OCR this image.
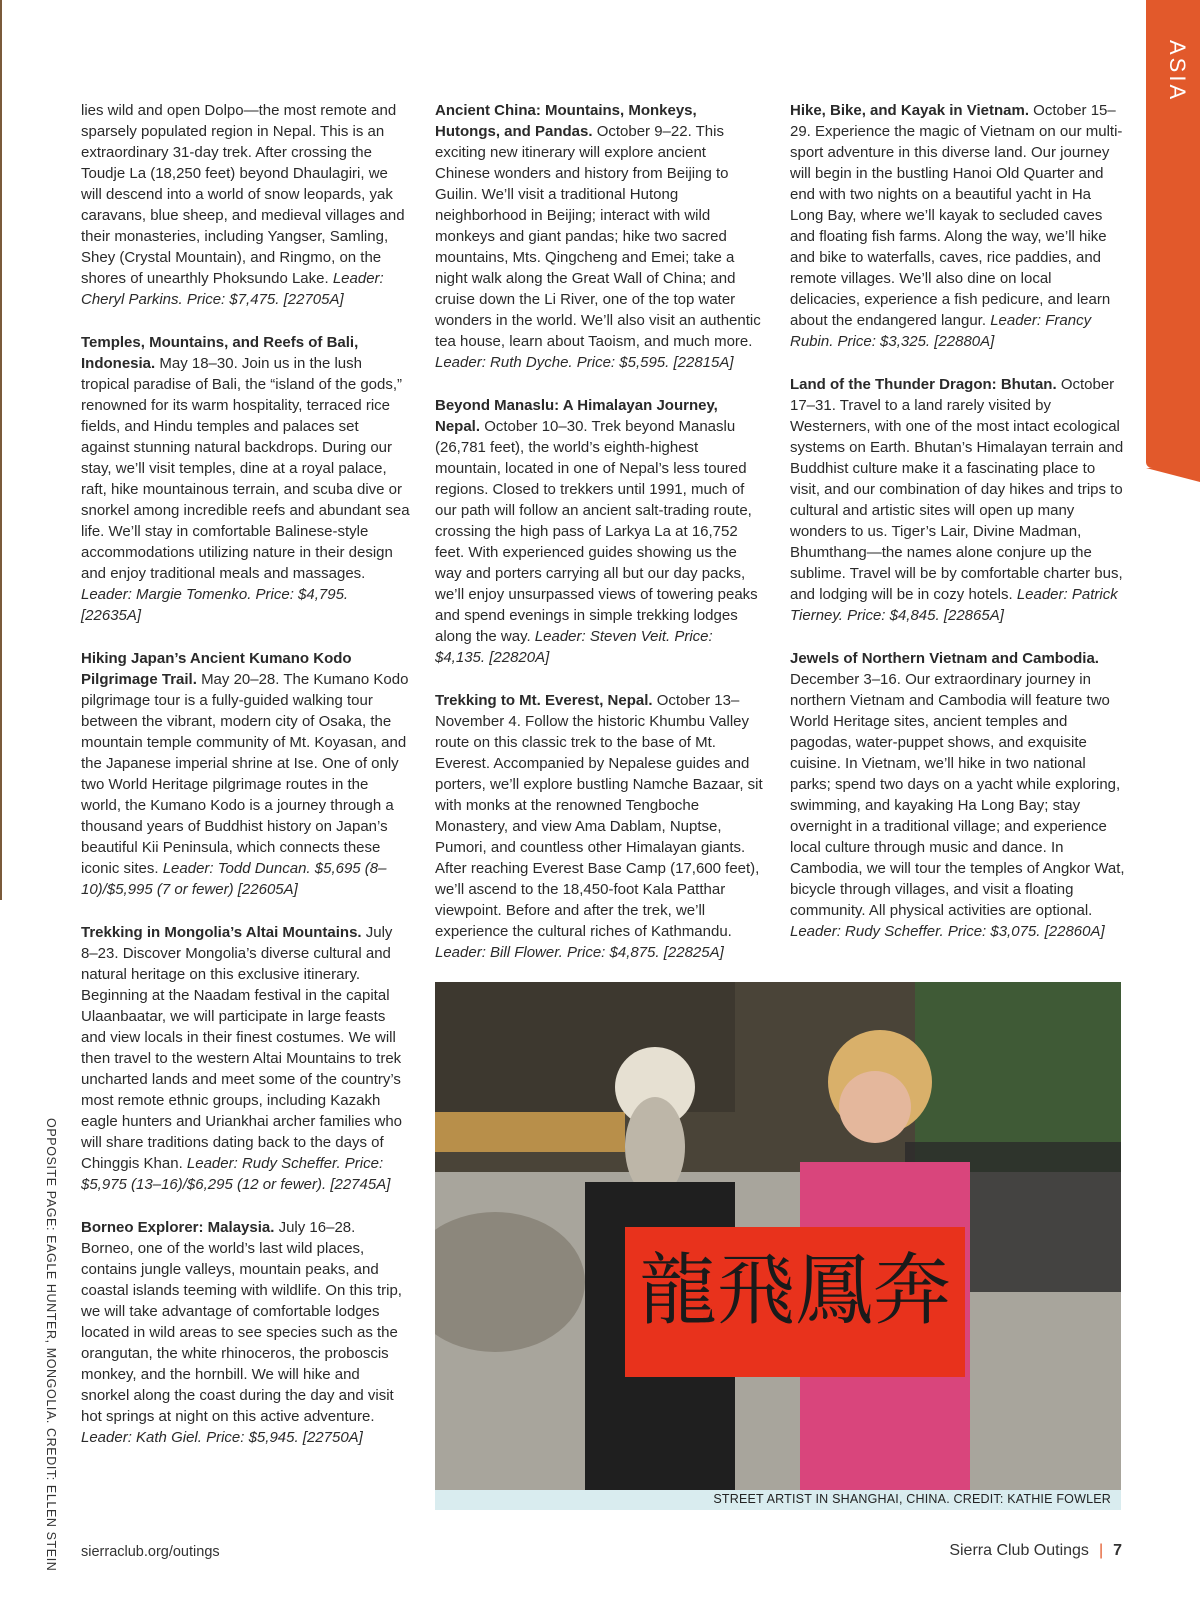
ASIA

lies wild and open Dolpo—the most remote and sparsely populated region in Nepal. This is an extraordinary 31-day trek. After crossing the Toudje La (18,250 feet) beyond Dhaulagiri, we will descend into a world of snow leopards, yak caravans, blue sheep, and medieval villages and their monasteries, including Yangser, Samling, Shey (Crystal Mountain), and Ringmo, on the shores of unearthly Phoksundo Lake. Leader: Cheryl Parkins. Price: $7,475. [22705A]

Temples, Mountains, and Reefs of Bali, Indonesia. May 18–30. Join us in the lush tropical paradise of Bali, the “island of the gods,” renowned for its warm hospitality, terraced rice fields, and Hindu temples and palaces set against stunning natural backdrops. During our stay, we’ll visit temples, dine at a royal palace, raft, hike mountainous terrain, and scuba dive or snorkel among incredible reefs and abundant sea life. We’ll stay in comfortable Balinese-style accommodations utilizing nature in their design and enjoy traditional meals and massages. Leader: Margie Tomenko. Price: $4,795. [22635A]

Hiking Japan’s Ancient Kumano Kodo Pilgrimage Trail. May 20–28. The Kumano Kodo pilgrimage tour is a fully-guided walking tour between the vibrant, modern city of Osaka, the mountain temple community of Mt. Koyasan, and the Japanese imperial shrine at Ise. One of only two World Heritage pilgrimage routes in the world, the Kumano Kodo is a journey through a thousand years of Buddhist history on Japan’s beautiful Kii Peninsula, which connects these iconic sites. Leader: Todd Duncan. $5,695 (8–10)/$5,995 (7 or fewer) [22605A]

Trekking in Mongolia’s Altai Mountains. July 8–23. Discover Mongolia’s diverse cultural and natural heritage on this exclusive itinerary. Beginning at the Naadam festival in the capital Ulaanbaatar, we will participate in large feasts and view locals in their finest costumes. We will then travel to the western Altai Mountains to trek uncharted lands and meet some of the country’s most remote ethnic groups, including Kazakh eagle hunters and Uriankhai archer families who will share traditions dating back to the days of Chinggis Khan. Leader: Rudy Scheffer. Price: $5,975 (13–16)/$6,295 (12 or fewer). [22745A]

Borneo Explorer: Malaysia. July 16–28. Borneo, one of the world’s last wild places, contains jungle valleys, mountain peaks, and coastal islands teeming with wildlife. On this trip, we will take advantage of comfortable lodges located in wild areas to see species such as the orangutan, the white rhinoceros, the proboscis monkey, and the hornbill. We will hike and snorkel along the coast during the day and visit hot springs at night on this active adventure. Leader: Kath Giel. Price: $5,945. [22750A]

Ancient China: Mountains, Monkeys, Hutongs, and Pandas. October 9–22. This exciting new itinerary will explore ancient Chinese wonders and history from Beijing to Guilin. We’ll visit a traditional Hutong neighborhood in Beijing; interact with wild monkeys and giant pandas; hike two sacred mountains, Mts. Qingcheng and Emei; take a night walk along the Great Wall of China; and cruise down the Li River, one of the top water wonders in the world. We’ll also visit an authentic tea house, learn about Taoism, and much more. Leader: Ruth Dyche. Price: $5,595. [22815A]

Beyond Manaslu: A Himalayan Journey, Nepal. October 10–30. Trek beyond Manaslu (26,781 feet), the world’s eighth-highest mountain, located in one of Nepal’s less toured regions. Closed to trekkers until 1991, much of our path will follow an ancient salt-trading route, crossing the high pass of Larkya La at 16,752 feet. With experienced guides showing us the way and porters carrying all but our day packs, we’ll enjoy unsurpassed views of towering peaks and spend evenings in simple trekking lodges along the way. Leader: Steven Veit. Price: $4,135. [22820A]

Trekking to Mt. Everest, Nepal. October 13–November 4. Follow the historic Khumbu Valley route on this classic trek to the base of Mt. Everest. Accompanied by Nepalese guides and porters, we’ll explore bustling Namche Bazaar, sit with monks at the renowned Tengboche Monastery, and view Ama Dablam, Nuptse, Pumori, and countless other Himalayan giants. After reaching Everest Base Camp (17,600 feet), we’ll ascend to the 18,450-foot Kala Patthar viewpoint. Before and after the trek, we’ll experience the cultural riches of Kathmandu. Leader: Bill Flower. Price: $4,875. [22825A]

Hike, Bike, and Kayak in Vietnam. October 15–29. Experience the magic of Vietnam on our multi-sport adventure in this diverse land. Our journey will begin in the bustling Hanoi Old Quarter and end with two nights on a beautiful yacht in Ha Long Bay, where we’ll kayak to secluded caves and floating fish farms. Along the way, we’ll hike and bike to waterfalls, caves, rice paddies, and remote villages. We’ll also dine on local delicacies, experience a fish pedicure, and learn about the endangered langur. Leader: Francy Rubin. Price: $3,325. [22880A]

Land of the Thunder Dragon: Bhutan. October 17–31. Travel to a land rarely visited by Westerners, with one of the most intact ecological systems on Earth. Bhutan’s Himalayan terrain and Buddhist culture make it a fascinating place to visit, and our combination of day hikes and trips to cultural and artistic sites will open up many wonders to us. Tiger’s Lair, Divine Madman, Bhumthang—the names alone conjure up the sublime. Travel will be by comfortable charter bus, and lodging will be in cozy hotels. Leader: Patrick Tierney. Price: $4,845. [22865A]

Jewels of Northern Vietnam and Cambodia. December 3–16. Our extraordinary journey in northern Vietnam and Cambodia will feature two World Heritage sites, ancient temples and pagodas, water-puppet shows, and exquisite cuisine. In Vietnam, we’ll hike in two national parks; spend two days on a yacht while exploring, swimming, and kayaking Ha Long Bay; stay overnight in a traditional village; and experience local culture through music and dance. In Cambodia, we will tour the temples of Angkor Wat, bicycle through villages, and visit a floating community. All physical activities are optional. Leader: Rudy Scheffer. Price: $3,075. [22860A]

OPPOSITE PAGE: EAGLE HUNTER, MONGOLIA. CREDIT: ELLEN STEIN	龍飛鳳奔
STREET ARTIST IN SHANGHAI, CHINA. CREDIT: KATHIE FOWLER
sierraclub.org/outings	Sierra Club Outings | 7
